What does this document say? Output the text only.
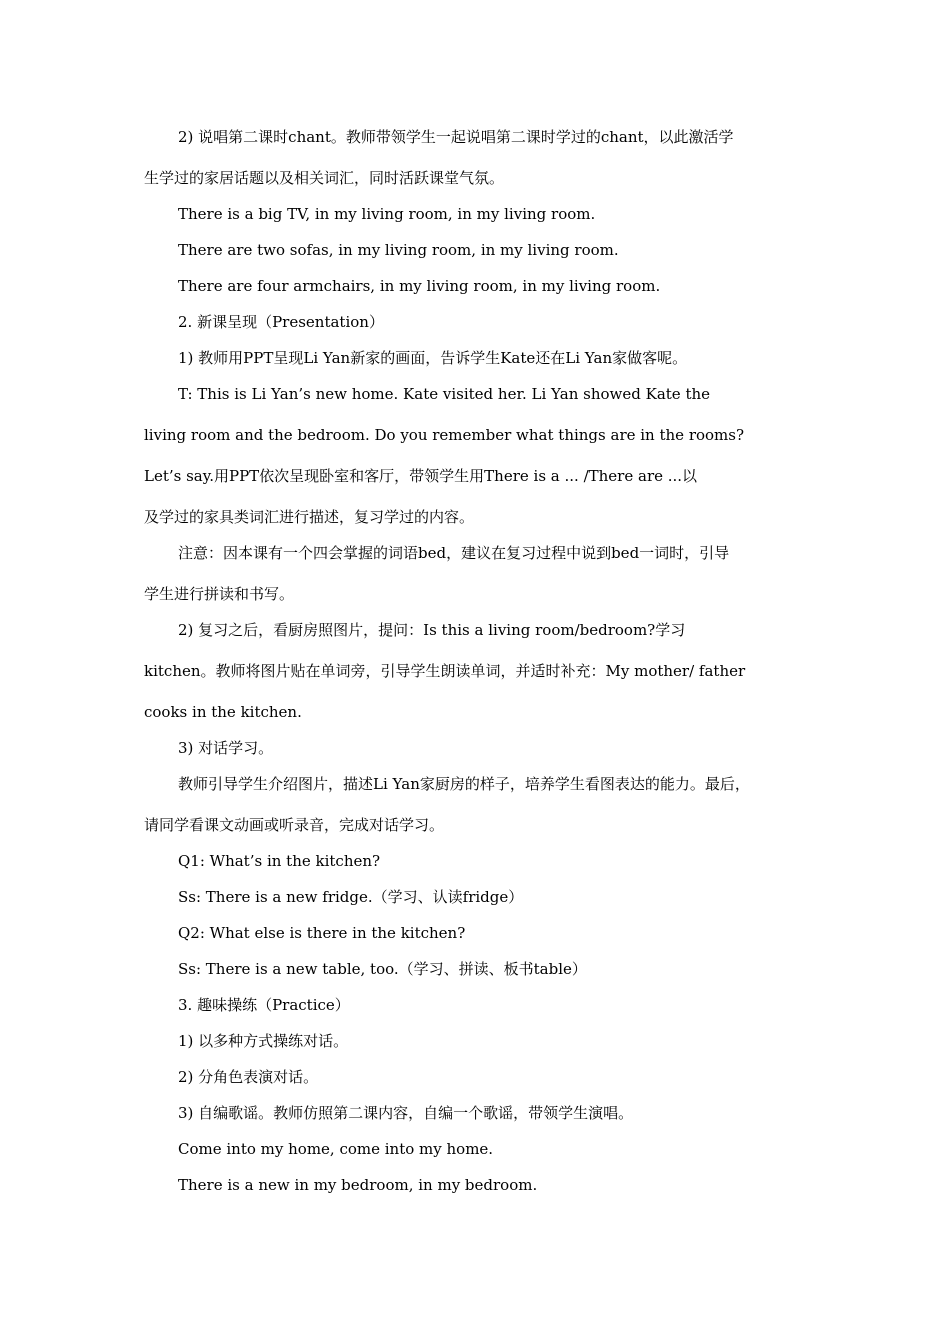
2) 说唱第二课时chant。教师带领学生一起说唱第二课时学过的chant，以此激活学
生学过的家居话题以及相关词汇，同时活跃课堂气氛。
There is a big TV, in my living room, in my living room.
There are two sofas, in my living room, in my living room.
There are four armchairs, in my living room, in my living room.
2. 新课呈现（Presentation）
1) 教师用PPT呈现Li Yan新家的画面，告诉学生Kate还在Li Yan家做客呢。
T: This is Li Yan’s new home. Kate visited her. Li Yan showed Kate the
living room and the bedroom. Do you remember what things are in the rooms?
Let’s say.用PPT依次呈现卧室和客厅，带领学生用There is a ... /There are ...以
及学过的家具类词汇进行描述，复习学过的内容。
注意：因本课有一个四会掌握的词语bed，建议在复习过程中说到bed一词时，引导
学生进行拼读和书写。
2) 复习之后，看厨房照图片，提问：Is this a living room/bedroom?学习
kitchen。教师将图片贴在单词旁，引导学生朗读单词，并适时补充：My mother/ father
cooks in the kitchen.
3) 对话学习。
教师引导学生介绍图片，描述Li Yan家厨房的样子，培养学生看图表达的能力。最后，
请同学看课文动画或听录音，完成对话学习。
Q1: What’s in the kitchen?
Ss: There is a new fridge.（学习、认读fridge）
Q2: What else is there in the kitchen?
Ss: There is a new table, too.（学习、拼读、板书table）
3. 趣味操练（Practice）
1) 以多种方式操练对话。
2) 分角色表演对话。
3) 自编歌谣。教师仿照第二课内容，自编一个歌谣，带领学生演唱。
Come into my home, come into my home.
There is a new in my bedroom, in my bedroom.
